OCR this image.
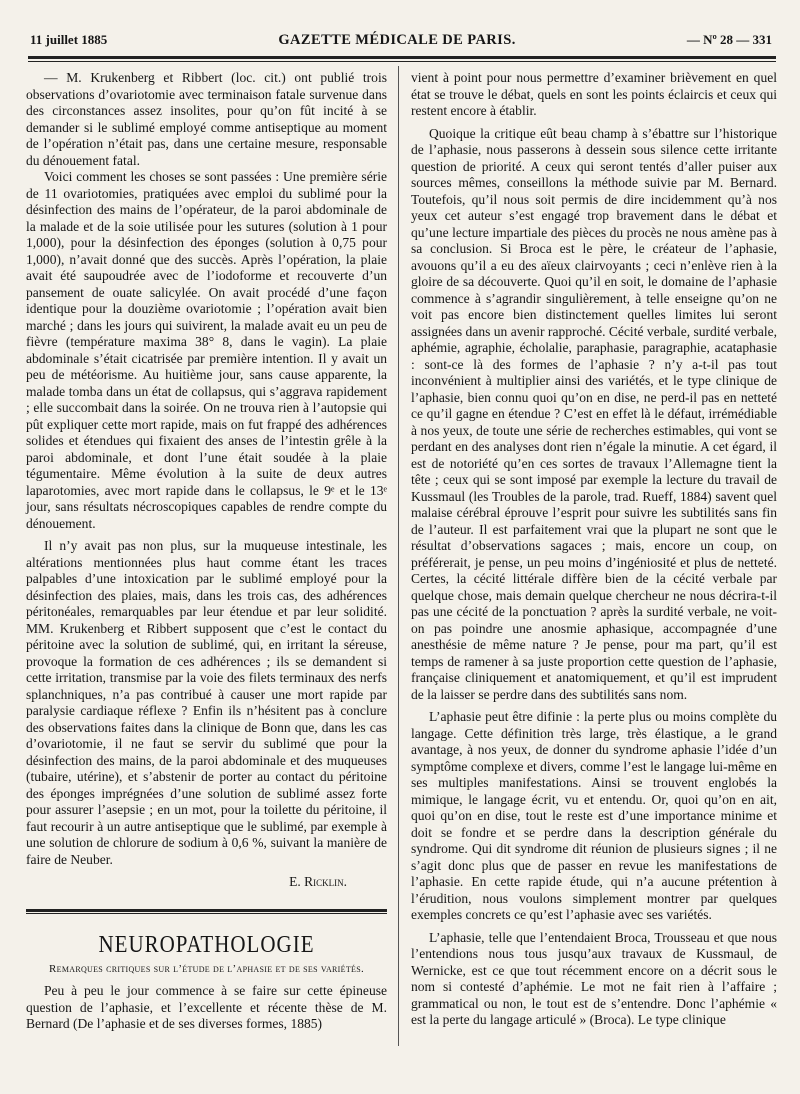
11 juillet 1885	GAZETTE MÉDICALE DE PARIS.	— Nº 28 — 331

— M. Krukenberg et Ribbert (loc. cit.) ont publié trois observations d’ovariotomie avec terminaison fatale survenue dans des circonstances assez insolites, pour qu’on fût incité à se demander si le sublimé employé comme antiseptique au moment de l’opération n’était pas, dans une certaine mesure, responsable du dénouement fatal.

Voici comment les choses se sont passées : Une première série de 11 ovariotomies, pratiquées avec emploi du sublimé pour la désinfection des mains de l’opérateur, de la paroi abdominale de la malade et de la soie utilisée pour les sutures (solution à 1 pour 1,000), pour la désinfection des éponges (solution à 0,75 pour 1,000), n’avait donné que des succès. Après l’opération, la plaie avait été saupoudrée avec de l’iodoforme et recouverte d’un pansement de ouate salicylée. On avait procédé d’une façon identique pour la douzième ovariotomie ; l’opération avait bien marché ; dans les jours qui suivirent, la malade avait eu un peu de fièvre (température maxima 38° 8, dans le vagin). La plaie abdominale s’était cicatrisée par première intention. Il y avait un peu de météorisme. Au huitième jour, sans cause apparente, la malade tomba dans un état de collapsus, qui s’aggrava rapidement ; elle succombait dans la soirée. On ne trouva rien à l’autopsie qui pût expliquer cette mort rapide, mais on fut frappé des adhérences solides et étendues qui fixaient des anses de l’intestin grêle à la paroi abdominale, et dont l’une était soudée à la plaie tégumentaire. Même évolution à la suite de deux autres laparotomies, avec mort rapide dans le collapsus, le 9ᵉ et le 13ᵉ jour, sans résultats nécroscopiques capables de rendre compte du dénouement.

Il n’y avait pas non plus, sur la muqueuse intestinale, les altérations mentionnées plus haut comme étant les traces palpables d’une intoxication par le sublimé employé pour la désinfection des plaies, mais, dans les trois cas, des adhérences péritonéales, remarquables par leur étendue et par leur solidité. MM. Krukenberg et Ribbert supposent que c’est le contact du péritoine avec la solution de sublimé, qui, en irritant la séreuse, provoque la formation de ces adhérences ; ils se demandent si cette irritation, transmise par la voie des filets terminaux des nerfs splanchniques, n’a pas contribué à causer une mort rapide par paralysie cardiaque réflexe ? Enfin ils n’hésitent pas à conclure des observations faites dans la clinique de Bonn que, dans les cas d’ovariotomie, il ne faut se servir du sublimé que pour la désinfection des mains, de la paroi abdominale et des muqueuses (tubaire, utérine), et s’abstenir de porter au contact du péritoine des éponges imprégnées d’une solution de sublimé assez forte pour assurer l’asepsie ; en un mot, pour la toilette du péritoine, il faut recourir à un autre antiseptique que le sublimé, par exemple à une solution de chlorure de sodium à 0,6 %, suivant la manière de faire de Neuber.

E. Ricklin.
NEUROPATHOLOGIE
Remarques critiques sur l’étude de l’aphasie et de ses variétés.

Peu à peu le jour commence à se faire sur cette épineuse question de l’aphasie, et l’excellente et récente thèse de M. Bernard (De l’aphasie et de ses diverses formes, 1885)

vient à point pour nous permettre d’examiner brièvement en quel état se trouve le débat, quels en sont les points éclaircis et ceux qui restent encore à établir.

Quoique la critique eût beau champ à s’ébattre sur l’historique de l’aphasie, nous passerons à dessein sous silence cette irritante question de priorité. A ceux qui seront tentés d’aller puiser aux sources mêmes, conseillons la méthode suivie par M. Bernard. Toutefois, qu’il nous soit permis de dire incidemment qu’à nos yeux cet auteur s’est engagé trop bravement dans le débat et qu’une lecture impartiale des pièces du procès ne nous amène pas à sa conclusion. Si Broca est le père, le créateur de l’aphasie, avouons qu’il a eu des aïeux clairvoyants ; ceci n’enlève rien à la gloire de sa découverte. Quoi qu’il en soit, le domaine de l’aphasie commence à s’agrandir singulièrement, à telle enseigne qu’on ne voit pas encore bien distinctement quelles limites lui seront assignées dans un avenir rapproché. Cécité verbale, surdité verbale, aphémie, agraphie, écholalie, paraphasie, paragraphie, acataphasie : sont-ce là des formes de l’aphasie ? n’y a-t-il pas tout inconvénient à multiplier ainsi des variétés, et le type clinique de l’aphasie, bien connu quoi qu’on en dise, ne perd-il pas en netteté ce qu’il gagne en étendue ? C’est en effet là le défaut, irrémédiable à nos yeux, de toute une série de recherches estimables, qui vont se perdant en des analyses dont rien n’égale la minutie. A cet égard, il est de notoriété qu’en ces sortes de travaux l’Allemagne tient la tête ; ceux qui se sont imposé par exemple la lecture du travail de Kussmaul (les Troubles de la parole, trad. Rueff, 1884) savent quel malaise cérébral éprouve l’esprit pour suivre les subtilités sans fin de l’auteur. Il est parfaitement vrai que la plupart ne sont que le résultat d’observations sagaces ; mais, encore un coup, on préférerait, je pense, un peu moins d’ingéniosité et plus de netteté. Certes, la cécité littérale diffère bien de la cécité verbale par quelque chose, mais demain quelque chercheur ne nous décrira-t-il pas une cécité de la ponctuation ? après la surdité verbale, ne voit-on pas poindre une anosmie aphasique, accompagnée d’une anesthésie de même nature ? Je pense, pour ma part, qu’il est temps de ramener à sa juste proportion cette question de l’aphasie, française cliniquement et anatomiquement, et qu’il est imprudent de la laisser se perdre dans des subtilités sans nom.

L’aphasie peut être difinie : la perte plus ou moins complète du langage. Cette définition très large, très élastique, a le grand avantage, à nos yeux, de donner du syndrome aphasie l’idée d’un symptôme complexe et divers, comme l’est le langage lui-même en ses multiples manifestations. Ainsi se trouvent englobés la mimique, le langage écrit, vu et entendu. Or, quoi qu’on en ait, quoi qu’on en dise, tout le reste est d’une importance minime et doit se fondre et se perdre dans la description générale du syndrome. Qui dit syndrome dit réunion de plusieurs signes ; il ne s’agit donc plus que de passer en revue les manifestations de l’aphasie. En cette rapide étude, qui n’a aucune prétention à l’érudition, nous voulons simplement montrer par quelques exemples concrets ce qu’est l’aphasie avec ses variétés.

L’aphasie, telle que l’entendaient Broca, Trousseau et que nous l’entendions nous tous jusqu’aux travaux de Kussmaul, de Wernicke, est ce que tout récemment encore on a décrit sous le nom si contesté d’aphémie. Le mot ne fait rien à l’affaire ; grammatical ou non, le tout est de s’entendre. Donc l’aphémie « est la perte du langage articulé » (Broca). Le type clinique
